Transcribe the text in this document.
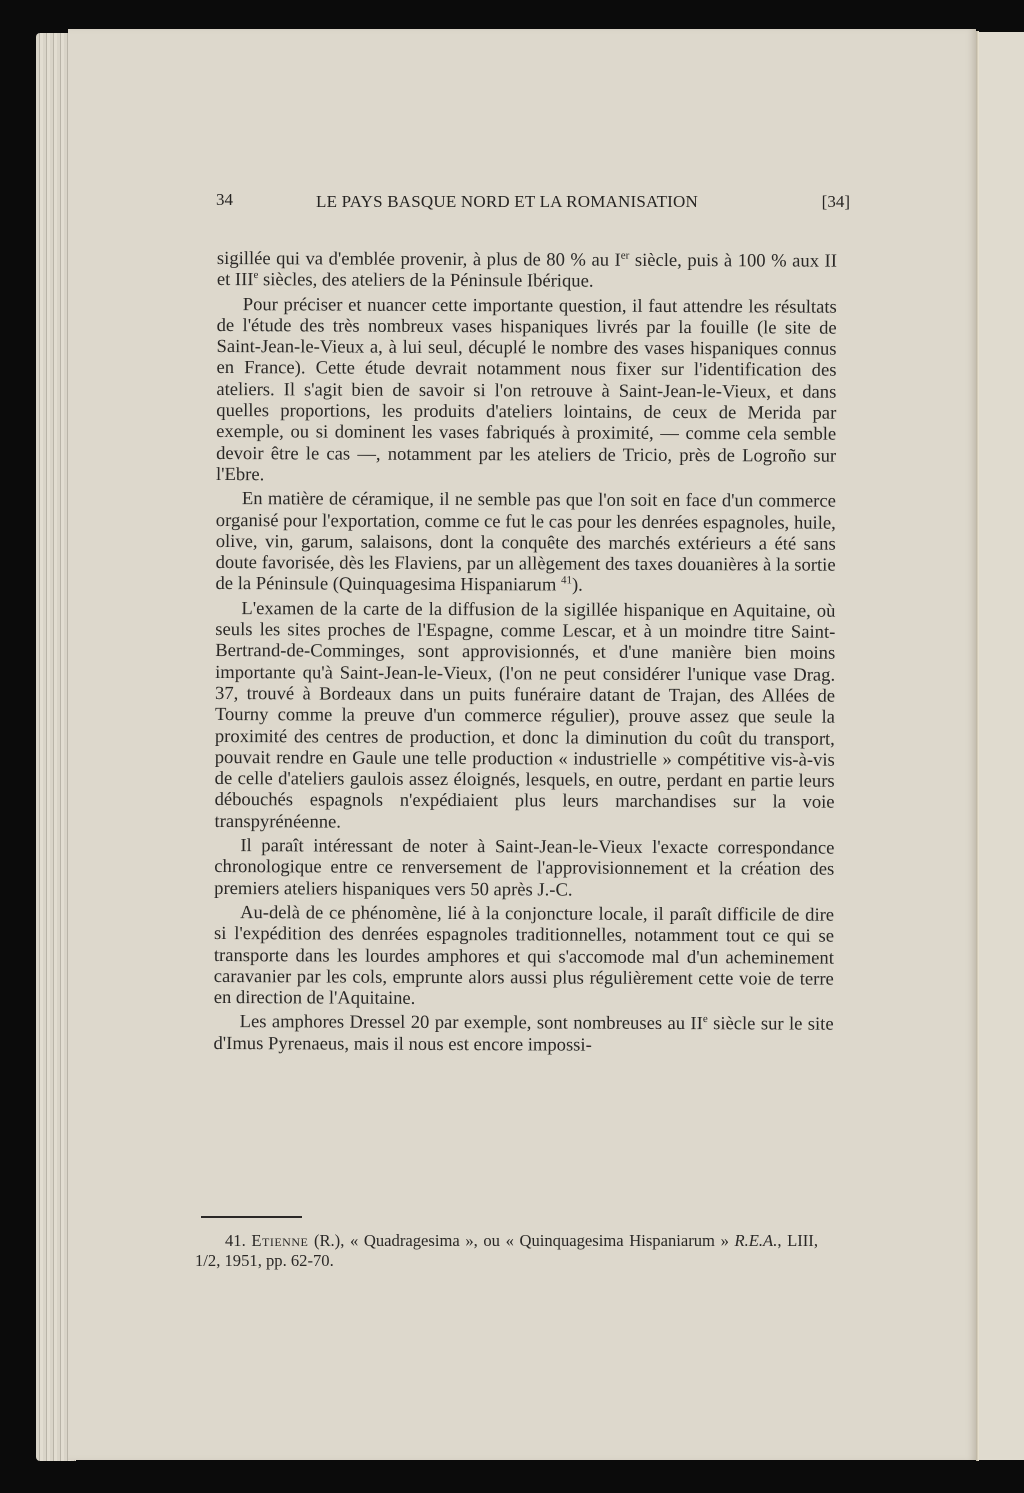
34	LE PAYS BASQUE NORD ET LA ROMANISATION	[34]

sigillée qui va d'emblée provenir, à plus de 80 % au Ier siècle, puis à 100 % aux II et IIIe siècles, des ateliers de la Péninsule Ibérique.

Pour préciser et nuancer cette importante question, il faut attendre les résultats de l'étude des très nombreux vases hispaniques livrés par la fouille (le site de Saint-Jean-le-Vieux a, à lui seul, décuplé le nombre des vases hispaniques connus en France). Cette étude devrait notamment nous fixer sur l'identification des ateliers. Il s'agit bien de savoir si l'on retrouve à Saint-Jean-le-Vieux, et dans quelles proportions, les produits d'ateliers lointains, de ceux de Merida par exemple, ou si dominent les vases fabriqués à proximité, — comme cela semble devoir être le cas —, notamment par les ateliers de Tricio, près de Logroño sur l'Ebre.

En matière de céramique, il ne semble pas que l'on soit en face d'un commerce organisé pour l'exportation, comme ce fut le cas pour les denrées espagnoles, huile, olive, vin, garum, salaisons, dont la conquête des marchés extérieurs a été sans doute favorisée, dès les Flaviens, par un allègement des taxes douanières à la sortie de la Péninsule (Quinquagesima Hispaniarum $^{41}$).

L'examen de la carte de la diffusion de la sigillée hispanique en Aquitaine, où seuls les sites proches de l'Espagne, comme Lescar, et à un moindre titre Saint-Bertrand-de-Comminges, sont approvisionnés, et d'une manière bien moins importante qu'à Saint-Jean-le-Vieux, (l'on ne peut considérer l'unique vase Drag. 37, trouvé à Bordeaux dans un puits funéraire datant de Trajan, des Allées de Tourny comme la preuve d'un commerce régulier), prouve assez que seule la proximité des centres de production, et donc la diminution du coût du transport, pouvait rendre en Gaule une telle production « industrielle » compétitive vis-à-vis de celle d'ateliers gaulois assez éloignés, lesquels, en outre, perdant en partie leurs débouchés espagnols n'expédiaient plus leurs marchandises sur la voie transpyrénéenne.

Il paraît intéressant de noter à Saint-Jean-le-Vieux l'exacte correspondance chronologique entre ce renversement de l'approvisionnement et la création des premiers ateliers hispaniques vers 50 après J.-C.

Au-delà de ce phénomène, lié à la conjoncture locale, il paraît difficile de dire si l'expédition des denrées espagnoles traditionnelles, notamment tout ce qui se transporte dans les lourdes amphores et qui s'accomode mal d'un acheminement caravanier par les cols, emprunte alors aussi plus régulièrement cette voie de terre en direction de l'Aquitaine.

Les amphores Dressel 20 par exemple, sont nombreuses au IIe siècle sur le site d'Imus Pyrenaeus, mais il nous est encore impossi-

41. Etienne (R.), « Quadragesima », ou « Quinquagesima Hispaniarum » R.E.A., LIII, 1/2, 1951, pp. 62-70.
